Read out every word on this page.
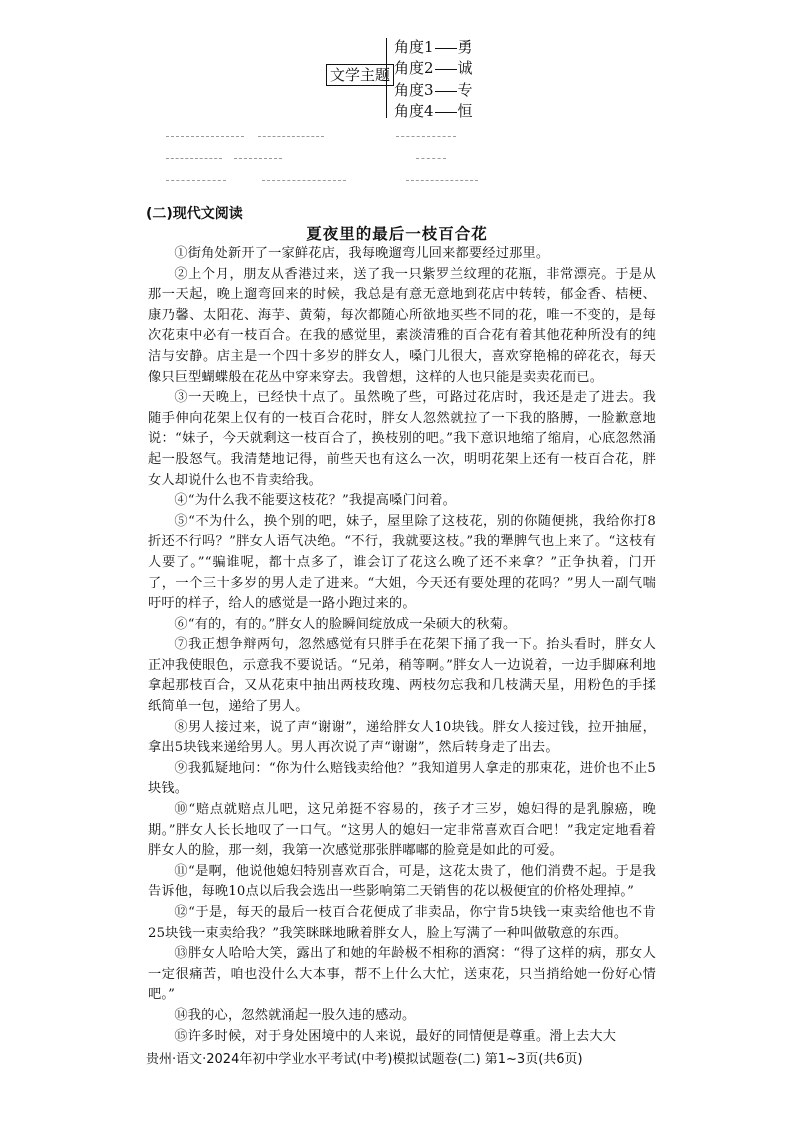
文学主题
角度1 勇
角度2 诚
角度3 专
角度4 恒
(二)现代文阅读
夏夜里的最后一枝百合花

①街角处新开了一家鲜花店，我每晚遛弯儿回来都要经过那里。

②上个月，朋友从香港过来，送了我一只紫罗兰纹理的花瓶，非常漂亮。于是从那一天起，晚上遛弯回来的时候，我总是有意无意地到花店中转转，郁金香、桔梗、康乃馨、太阳花、海芋、黄菊，每次都随心所欲地买些不同的花，唯一不变的，是每次花束中必有一枝百合。在我的感觉里，素淡清雅的百合花有着其他花种所没有的纯洁与安静。店主是一个四十多岁的胖女人，嗓门儿很大，喜欢穿艳棉的碎花衣，每天像只巨型蝴蝶般在花丛中穿来穿去。我曾想，这样的人也只能是卖卖花而已。

③一天晚上，已经快十点了。虽然晚了些，可路过花店时，我还是走了进去。我随手伸向花架上仅有的一枝百合花时，胖女人忽然就拉了一下我的胳膊，一脸歉意地说：“妹子，今天就剩这一枝百合了，换枝别的吧。”我下意识地缩了缩肩，心底忽然涌起一股怒气。我清楚地记得，前些天也有这么一次，明明花架上还有一枝百合花，胖女人却说什么也不肯卖给我。

④“为什么我不能要这枝花？”我提高嗓门问着。

⑤“不为什么，换个别的吧，妹子，屋里除了这枝花，别的你随便挑，我给你打8折还不行吗？”胖女人语气决绝。“不行，我就要这枝。”我的犟脾气也上来了。“这枝有人要了。”“骗谁呢，都十点多了，谁会订了花这么晚了还不来拿？”正争执着，门开了，一个三十多岁的男人走了进来。“大姐，今天还有要处理的花吗？”男人一副气喘吁吁的样子，给人的感觉是一路小跑过来的。

⑥“有的，有的。”胖女人的脸瞬间绽放成一朵硕大的秋菊。

⑦我正想争辩两句，忽然感觉有只胖手在花架下捅了我一下。抬头看时，胖女人正冲我使眼色，示意我不要说话。“兄弟，稍等啊。”胖女人一边说着，一边手脚麻利地拿起那枝百合，又从花束中抽出两枝玫瑰、两枝勿忘我和几枝满天星，用粉色的手揉纸简单一包，递给了男人。

⑧男人接过来，说了声“谢谢”，递给胖女人10块钱。胖女人接过钱，拉开抽屉，拿出5块钱来递给男人。男人再次说了声“谢谢”，然后转身走了出去。

⑨我狐疑地问：“你为什么赔钱卖给他？”我知道男人拿走的那束花，进价也不止5块钱。

⑩“赔点就赔点儿吧，这兄弟挺不容易的，孩子才三岁，媳妇得的是乳腺癌，晚期。”胖女人长长地叹了一口气。“这男人的媳妇一定非常喜欢百合吧！”我定定地看着胖女人的脸，那一刻，我第一次感觉那张胖嘟嘟的脸竟是如此的可爱。

⑪“是啊，他说他媳妇特别喜欢百合，可是，这花太贵了，他们消费不起。于是我告诉他，每晚10点以后我会选出一些影响第二天销售的花以极便宜的价格处理掉。”

⑫“于是，每天的最后一枝百合花便成了非卖品，你宁肯5块钱一束卖给他也不肯25块钱一束卖给我？”我笑眯眯地瞅着胖女人，脸上写满了一种叫做敬意的东西。

⑬胖女人哈哈大笑，露出了和她的年龄极不相称的酒窝：“得了这样的病，那女人一定很痛苦，咱也没什么大本事，帮不上什么大忙，送束花，只当捎给她一份好心情吧。”

⑭我的心，忽然就涌起一股久违的感动。

⑮许多时候，对于身处困境中的人来说，最好的同情便是尊重。滑上去大大

贵州·语文·2024年初中学业水平考试(中考)模拟试题卷(二) 第1~3页(共6页)
